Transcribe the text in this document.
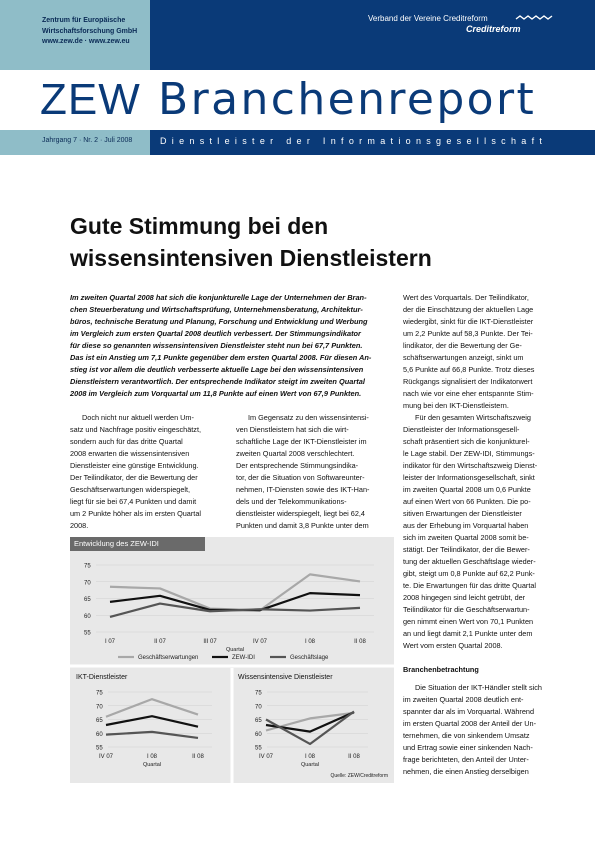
Zentrum für Europäische
Wirtschaftsforschung GmbH
www.zew.de · www.zew.eu
Verband der Vereine Creditreform
Creditreform
ZEW Branchenreport
Jahrgang 7 · Nr. 2 · Juli 2008	Dienstleister der Informationsgesellschaft
Gute Stimmung bei den
wissensintensiven Dienstleistern
Im zweiten Quartal 2008 hat sich die konjunkturelle Lage der Unternehmen der Bran-
chen Steuerberatung und Wirtschaftsprüfung, Unternehmensberatung, Architektur-
büros, technische Beratung und Planung, Forschung und Entwicklung und Werbung
im Vergleich zum ersten Quartal 2008 deutlich verbessert. Der Stimmungsindikator
für diese so genannten wissensintensiven Dienstleister steht nun bei 67,7 Punkten.
Das ist ein Anstieg um 7,1 Punkte gegenüber dem ersten Quartal 2008. Für diesen An-
stieg ist vor allem die deutlich verbesserte aktuelle Lage bei den wissensintensiven
Dienstleistern verantwortlich. Der entsprechende Indikator steigt im zweiten Quartal
2008 im Vergleich zum Vorquartal um 11,8 Punkte auf einen Wert von 67,9 Punkten.
Doch nicht nur aktuell werden Um-
satz und Nachfrage positiv eingeschätzt,
sondern auch für das dritte Quartal
2008 erwarten die wissensintensiven
Dienstleister eine günstige Entwicklung.
Der Teilindikator, der die Bewertung der
Geschäftserwartungen widerspiegelt,
liegt für sie bei 67,4 Punkten und damit
um 2 Punkte höher als im ersten Quartal
2008.
Im Gegensatz zu den wissensintensi-
ven Dienstleistern hat sich die wirt-
schaftliche Lage der IKT-Dienstleister im
zweiten Quartal 2008 verschlechtert.
Der entsprechende Stimmungsindika-
tor, der die Situation von Softwareunter-
nehmen, IT-Diensten sowie des IKT-Han-
dels und der Telekommunikations-
dienstleister widerspiegelt, liegt bei 62,4
Punkten und damit 3,8 Punkte unter dem
Wert des Vorquartals. Der Teilindikator,
der die Einschätzung der aktuellen Lage
wiedergibt, sinkt für die IKT-Dienstleister
um 2,2 Punkte auf 58,3 Punkte. Der Tei-
lindikator, der die Bewertung der Ge-
schäftserwartungen anzeigt, sinkt um
5,6 Punkte auf 66,8 Punkte. Trotz dieses
Rückgangs signalisiert der Indikatorwert
nach wie vor eine eher entspannte Stim-
mung bei den IKT-Dienstleistern.
Für den gesamten Wirtschaftszweig
Dienstleister der Informationsgesell-
schaft präsentiert sich die konjunkturel-
le Lage stabil. Der ZEW-IDI, Stimmungs-
indikator für den Wirtschaftszweig Dienst-
leister der Informationsgesellschaft, sinkt
im zweiten Quartal 2008 um 0,6 Punkte
auf einen Wert von 66 Punkten. Die po-
sitiven Erwartungen der Dienstleister
aus der Erhebung im Vorquartal haben
sich im zweiten Quartal 2008 somit be-
stätigt. Der Teilindikator, der die Bewer-
tung der aktuellen Geschäftslage wieder-
gibt, steigt um 0,8 Punkte auf 62,2 Punk-
te. Die Erwartungen für das dritte Quartal
2008 hingegen sind leicht getrübt, der
Teilindikator für die Geschäftserwartun-
gen nimmt einen Wert von 70,1 Punkten
an und liegt damit 2,1 Punkte unter dem
Wert vom ersten Quartal 2008.
Branchenbetrachtung
Die Situation der IKT-Händler stellt sich
im zweiten Quartal 2008 deutlich ent-
spannter dar als im Vorquartal. Während
im ersten Quartal 2008 der Anteil der Un-
ternehmen, die von sinkendem Umsatz
und Ertrag sowie einer sinkenden Nach-
frage berichteten, den Anteil der Unter-
nehmen, die einen Anstieg derselbigen
Entwicklung des ZEW-IDI
55
60
65
70
75
I 07	II 07	III 07	IV 07	I 08	II 08
Quartal
55
60
65
70
75
IV 07	I 08	II 08
Quartal
IKT-Dienstleister
55
60
65
70
75
IV 07	I 08	II 08
Quartal
Wissensintensive Dienstleister
Geschäftserwartungen	ZEW-IDI	Geschäftslage
Quelle: ZEW/Creditreform
